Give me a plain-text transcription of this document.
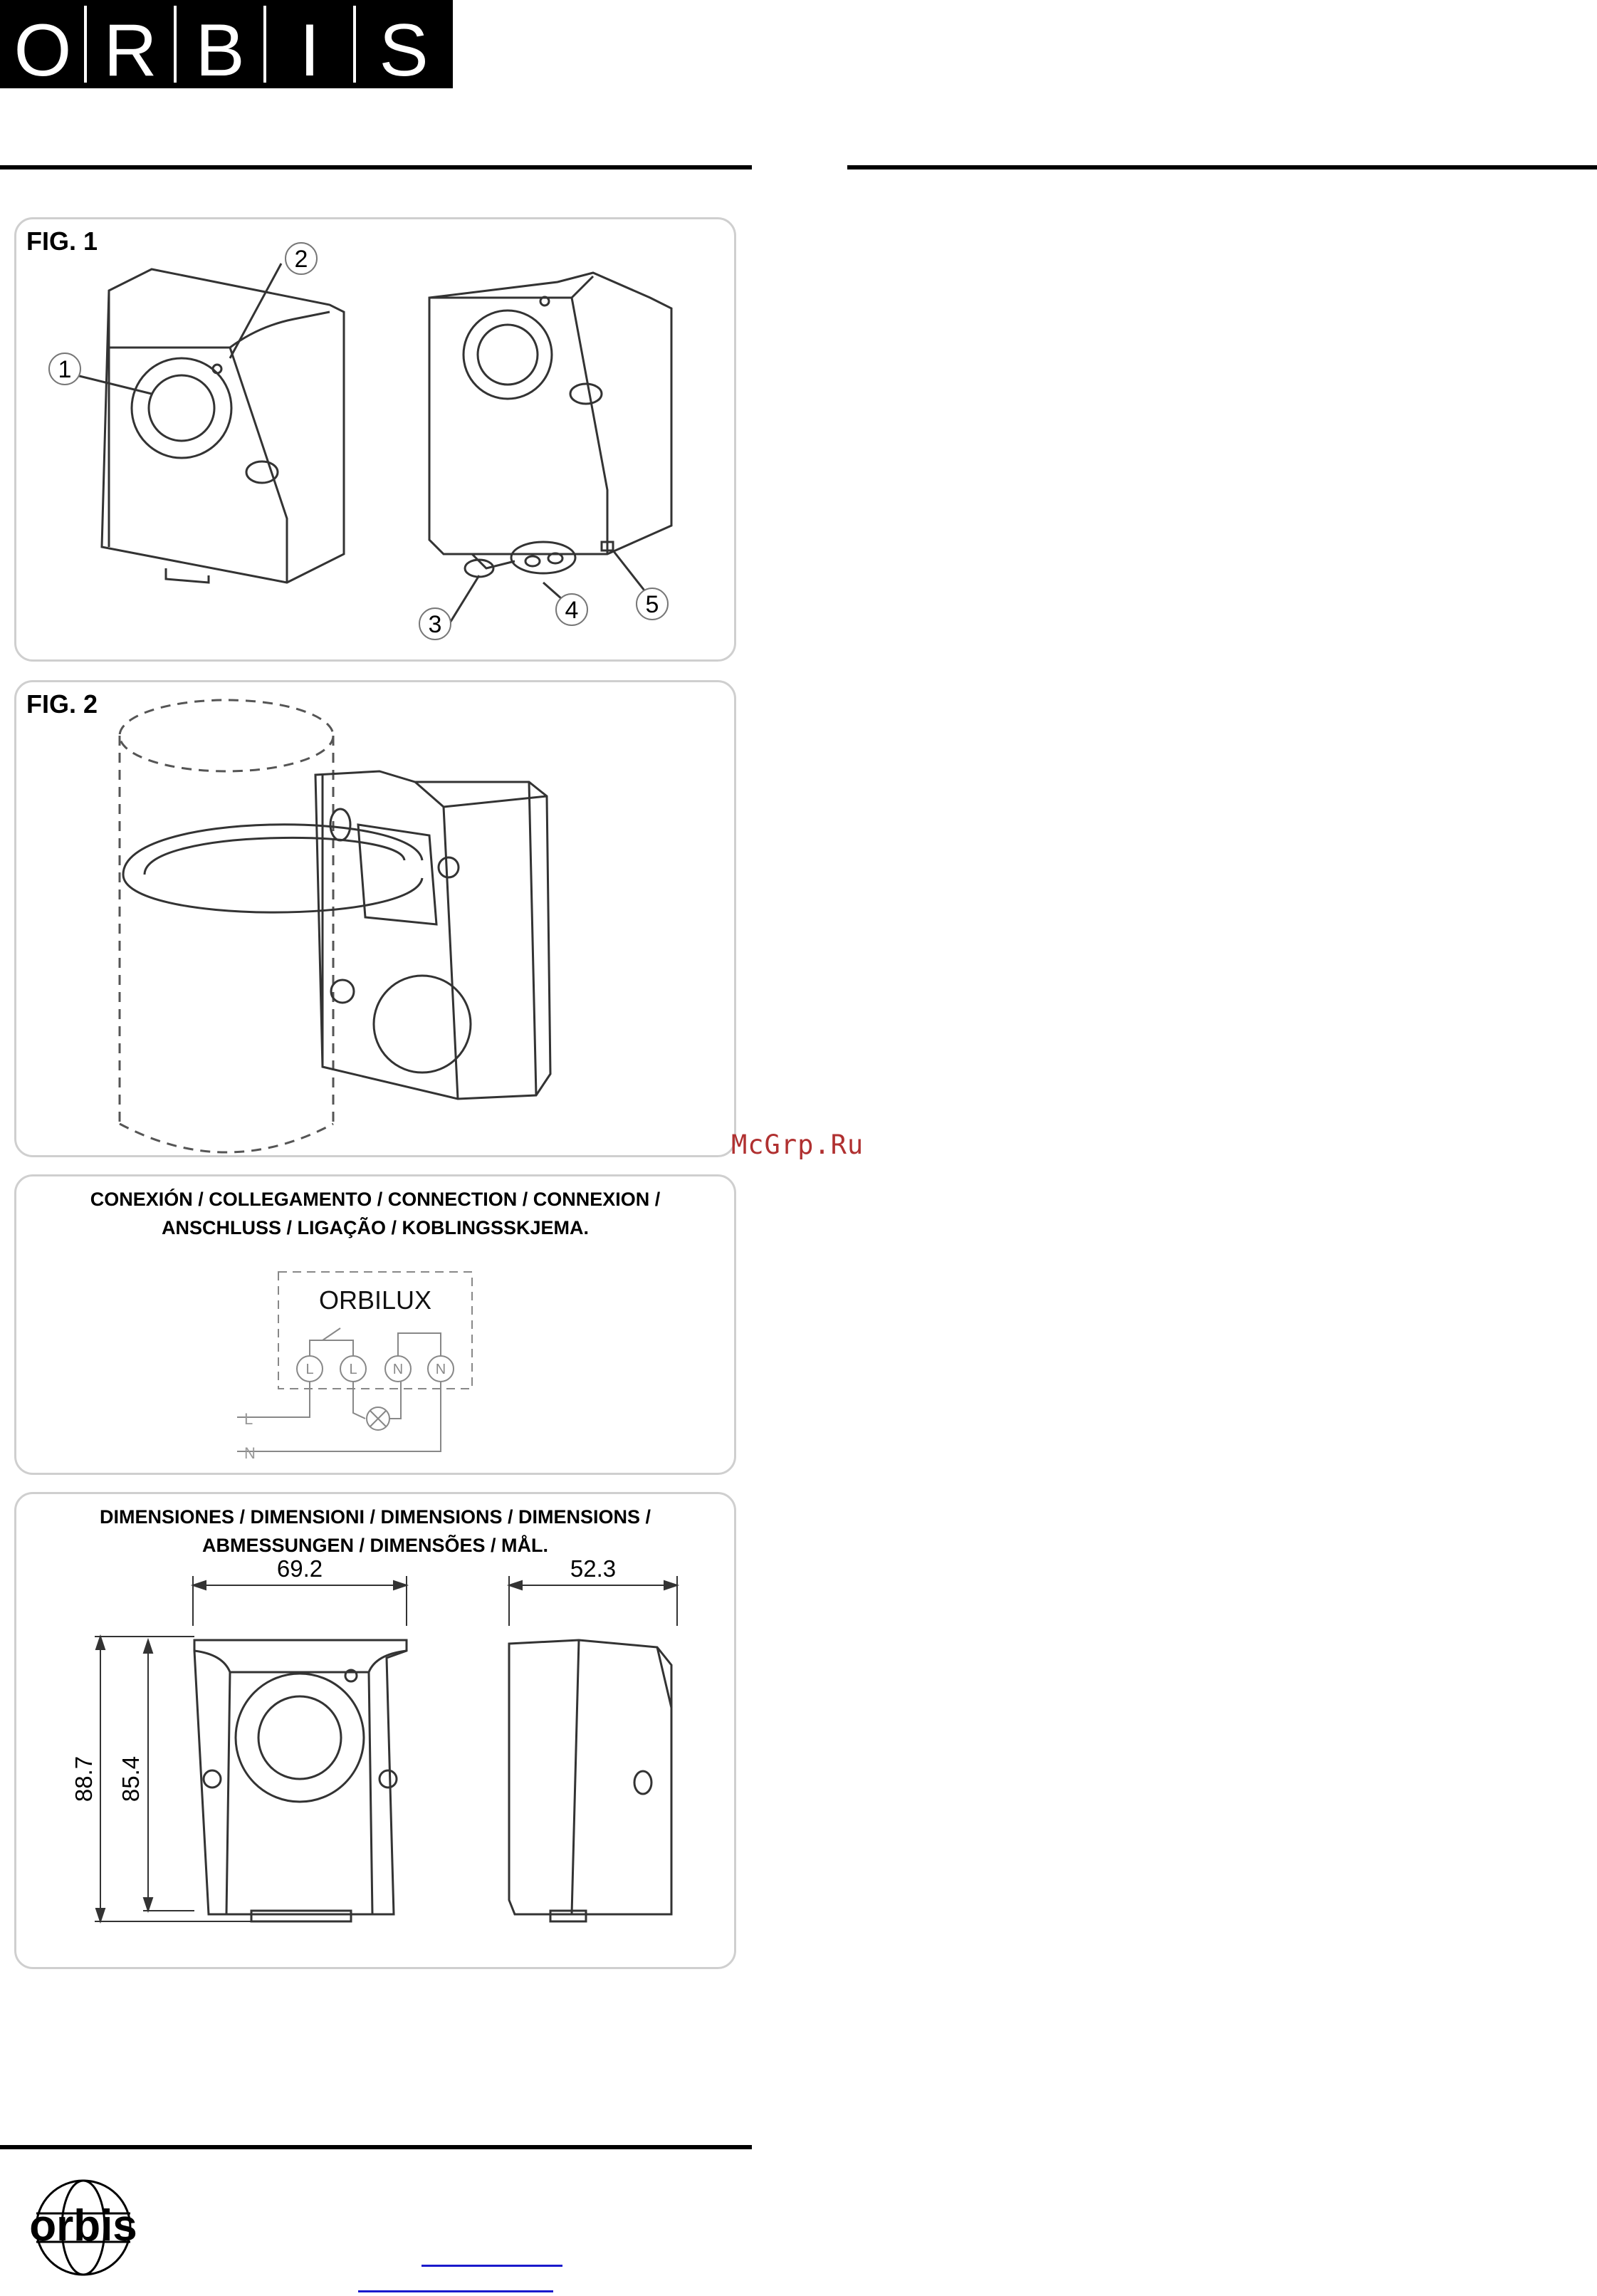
O R B I S
FIG. 1
1
2
3
4	5
FIG. 2
CONEXIÓN / COLLEGAMENTO / CONNECTION / CONNEXION /
ANSCHLUSS / LIGAÇÃO / KOBLINGSSKJEMA.
ORBILUX
L L	N N
L
N
DIMENSIONES / DIMENSIONI / DIMENSIONS / DIMENSIONS /
ABMESSUNGEN / DIMENSÕES / MÅL.
69.2	52.3
88.7 85.4
McGrp.Ru
orbis
